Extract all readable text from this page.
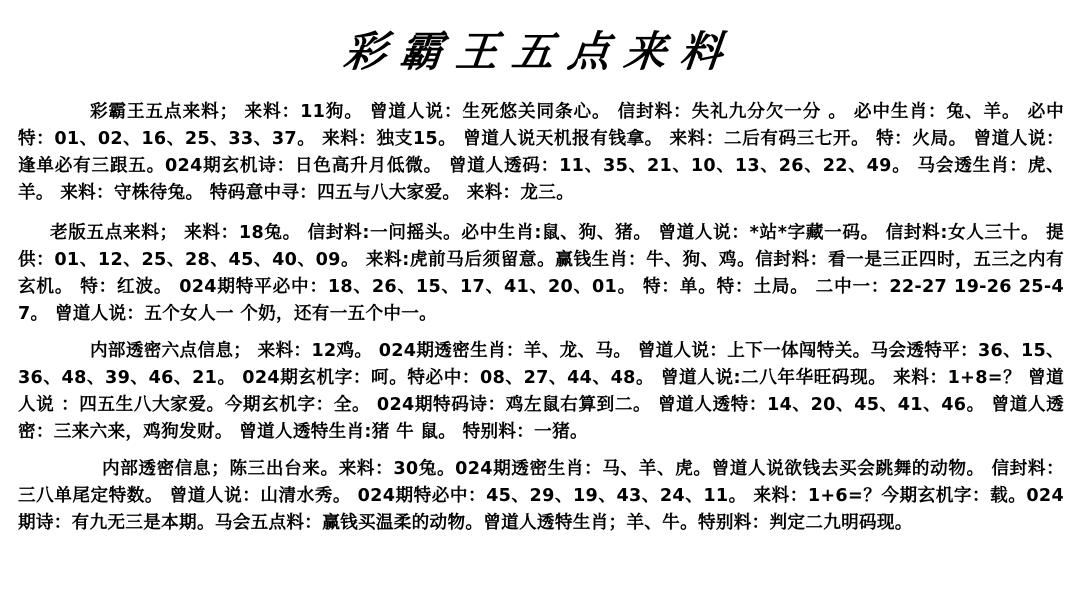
彩霸王五点来料
彩霸王五点来料； 来料：11狗。 曾道人说：生死悠关同条心。 信封料：失礼九分欠一分 。 必中生肖：兔、羊。 必中特：01、02、16、25、33、37。 来料：独支15。 曾道人说天机报有钱拿。 来料：二后有码三七开。 特：火局。 曾道人说：逢单必有三跟五。024期玄机诗：日色高升月低微。 曾道人透码：11、35、21、10、13、26、22、49。 马会透生肖：虎、羊。 来料：守株待兔。 特码意中寻：四五与八大家爱。 来料：龙三。
老版五点来料； 来料：18兔。 信封料:一问摇头。必中生肖:鼠、狗、猪。 曾道人说：*站*字藏一码。 信封料:女人三十。 提供：01、12、25、28、45、40、09。 来料:虎前马后须留意。赢钱生肖：牛、狗、鸡。信封料：看一是三正四时，五三之内有玄机。 特：红波。 024期特平必中：18、26、15、17、41、20、01。 特：单。特：土局。 二中一：22-27 19-26 25-47。 曾道人说：五个女人一 个奶，还有一五个中一。
内部透密六点信息； 来料：12鸡。 024期透密生肖：羊、龙、马。 曾道人说：上下一体闯特关。马会透特平：36、15、36、48、39、46、21。 024期玄机字：呵。特必中：08、27、44、48。 曾道人说:二八年华旺码现。 来料：1+8=？ 曾道人说 ：四五生八大家爱。今期玄机字：全。 024期特码诗：鸡左鼠右算到二。 曾道人透特：14、20、45、41、46。 曾道人透密：三来六来，鸡狗发财。 曾道人透特生肖:猪 牛 鼠。 特别料：一猪。
内部透密信息；陈三出台来。来料：30兔。024期透密生肖：马、羊、虎。曾道人说欲钱去买会跳舞的动物。 信封料：三八单尾定特数。 曾道人说：山清水秀。 024期特必中：45、29、19、43、24、11。 来料：1+6=？今期玄机字：载。024期诗：有九无三是本期。马会五点料：赢钱买温柔的动物。曾道人透特生肖；羊、牛。特别料：判定二九明码现。
